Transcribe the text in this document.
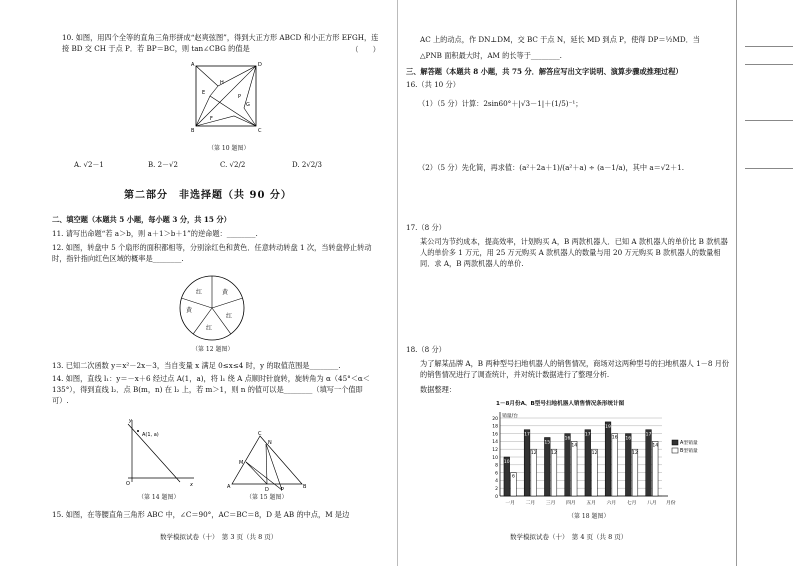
10. 如图，用四个全等的直角三角形拼成“赵爽弦图”，得到大正方形 ABCD 和小正方形 EFGH，连接 BD 交 CH 于点 P．若 BP＝BC，则 tan∠CBG 的值是	（　　）
A	D
B	C
E
F
G
H
P
（第 10 题图）
A. √2－1	B. 2－√2	C. √2/2	D. 2√2/3
第二部分　非选择题（共 90 分）
二、填空题（本题共 5 小题，每小题 3 分，共 15 分）
11. 请写出命题“若 a＞b，则 a＋1＞b＋1”的逆命题：________.
12. 如图，转盘中 5 个扇形的面积都相等，分别涂红色和黄色．任意转动转盘 1 次，当转盘停止转动时，指针指向红色区域的概率是________.
红	黄
黄
红
红
（第 12 题图）
13. 已知二次函数 y＝x²－2x－3，当自变量 x 满足 0≤x≤4 时，y 的取值范围是________.
14. 如图，直线 l₁：y＝－x＋6 经过点 A(1，a)，将 l₁ 绕 A 点顺时针旋转，旋转角为 α（45°＜α＜135°），得到直线 l₂．点 B(m，n) 在 l₂ 上，若 m＞1，则 n 的值可以是________（填写一个值即可）.
y
A(1, a)
O	x
（第 14 题图）
C
N
M
A	D	B
P
（第 15 题图）
15. 如图，在等腰直角三角形 ABC 中，∠C＝90°，AC＝BC＝8，D 是 AB 的中点，M 是边
数学模拟试卷（十）　第 3 页（共 8 页）
AC 上的动点，作 DN⊥DM，交 BC 于点 N，延长 MD 到点 P，使得 DP＝½MD．当
△PNB 面积最大时，AM 的长等于________.
三、解答题（本题共 8 小题，共 75 分．解答应写出文字说明、演算步骤或推理过程）
16.（共 10 分）
（1）（5 分）计算：2sin60°＋|√3－1|＋(1/5)⁻¹；
（2）（5 分）先化简，再求值：(a²＋2a＋1)/(a²＋a) ÷ (a－1/a)，其中 a＝√2＋1.
17.（8 分）
某公司为节约成本，提高效率，计划购买 A，B 两款机器人．已知 A 款机器人的单价比 B 款机器人的单价多 1 万元，用 25 万元购买 A 款机器人的数量与用 20 万元购买 B 款机器人的数量相同．求 A，B 两款机器人的单价.
18.（8 分）
为了解某品牌 A，B 两种型号扫地机器人的销售情况，商场对这两种型号的扫地机器人 1－8 月份的销售情况进行了调查统计，并对统计数据进行了整理分析.
数据整理：
1－8月份A、B型号扫地机器人销售情况条形统计图
0
2
4
6
8
10
12
14
16
18
20
销量/台
月份
10
6
一月
17
12
二月
15
12
三月
16
14
四月
17
12
五月
19
16
六月
16
12
七月
17
14
八月
A型销量
B型销量
（第 18 题图）
数学模拟试卷（十）　第 4 页（共 8 页）
